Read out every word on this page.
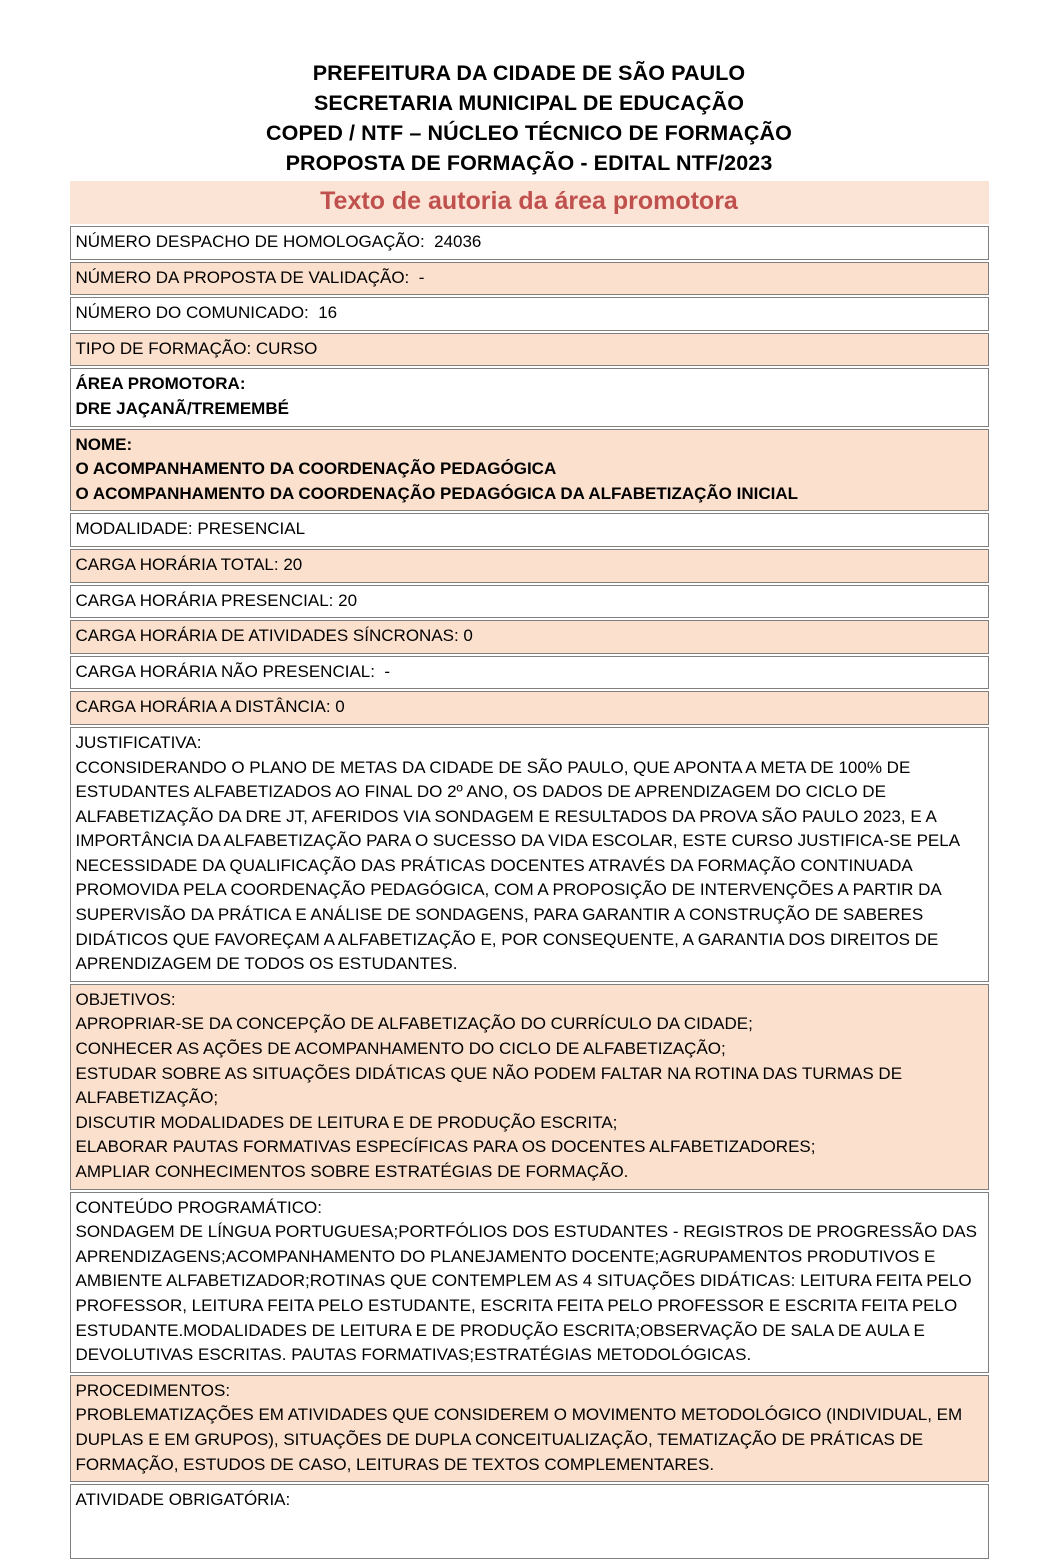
PREFEITURA DA CIDADE DE SÃO PAULO
SECRETARIA MUNICIPAL DE EDUCAÇÃO
COPED / NTF – NÚCLEO TÉCNICO DE FORMAÇÃO
PROPOSTA DE FORMAÇÃO - EDITAL NTF/2023
Texto de autoria da área promotora
NÚMERO DESPACHO DE HOMOLOGAÇÃO:  24036

NÚMERO DA PROPOSTA DE VALIDAÇÃO:  -

NÚMERO DO COMUNICADO:  16

TIPO DE FORMAÇÃO: CURSO

ÁREA PROMOTORA:
DRE JAÇANÃ/TREMEMBÉ

NOME:
O ACOMPANHAMENTO DA COORDENAÇÃO PEDAGÓGICA
O ACOMPANHAMENTO DA COORDENAÇÃO PEDAGÓGICA DA ALFABETIZAÇÃO INICIAL

MODALIDADE: PRESENCIAL

CARGA HORÁRIA TOTAL: 20

CARGA HORÁRIA PRESENCIAL: 20

CARGA HORÁRIA DE ATIVIDADES SÍNCRONAS: 0

CARGA HORÁRIA NÃO PRESENCIAL:  -

CARGA HORÁRIA A DISTÂNCIA: 0

JUSTIFICATIVA:
CCONSIDERANDO O PLANO DE METAS DA CIDADE DE SÃO PAULO, QUE APONTA A META DE 100% DE ESTUDANTES ALFABETIZADOS AO FINAL DO 2º ANO, OS DADOS DE APRENDIZAGEM DO CICLO DE ALFABETIZAÇÃO DA DRE JT, AFERIDOS VIA SONDAGEM E RESULTADOS DA PROVA SÃO PAULO 2023, E A IMPORTÂNCIA DA ALFABETIZAÇÃO PARA O SUCESSO DA VIDA ESCOLAR, ESTE CURSO JUSTIFICA-SE PELA NECESSIDADE DA QUALIFICAÇÃO DAS PRÁTICAS DOCENTES ATRAVÉS DA FORMAÇÃO CONTINUADA PROMOVIDA PELA COORDENAÇÃO PEDAGÓGICA, COM A PROPOSIÇÃO DE INTERVENÇÕES A PARTIR DA SUPERVISÃO DA PRÁTICA E ANÁLISE DE SONDAGENS, PARA GARANTIR A CONSTRUÇÃO DE SABERES DIDÁTICOS QUE FAVOREÇAM A ALFABETIZAÇÃO E, POR CONSEQUENTE, A GARANTIA DOS DIREITOS DE APRENDIZAGEM DE TODOS OS ESTUDANTES.

OBJETIVOS:
APROPRIAR-SE DA CONCEPÇÃO DE ALFABETIZAÇÃO DO CURRÍCULO DA CIDADE;
CONHECER AS AÇÕES DE ACOMPANHAMENTO DO CICLO DE ALFABETIZAÇÃO;
ESTUDAR SOBRE AS SITUAÇÕES DIDÁTICAS QUE NÃO PODEM FALTAR NA ROTINA DAS TURMAS DE ALFABETIZAÇÃO;
DISCUTIR MODALIDADES DE LEITURA E DE PRODUÇÃO ESCRITA;
ELABORAR PAUTAS FORMATIVAS ESPECÍFICAS PARA OS DOCENTES ALFABETIZADORES;
AMPLIAR CONHECIMENTOS SOBRE ESTRATÉGIAS DE FORMAÇÃO.

CONTEÚDO PROGRAMÁTICO:
SONDAGEM DE LÍNGUA PORTUGUESA;PORTFÓLIOS DOS ESTUDANTES - REGISTROS DE PROGRESSÃO DAS APRENDIZAGENS;ACOMPANHAMENTO DO PLANEJAMENTO DOCENTE;AGRUPAMENTOS PRODUTIVOS E AMBIENTE ALFABETIZADOR;ROTINAS QUE CONTEMPLEM AS 4 SITUAÇÕES DIDÁTICAS: LEITURA FEITA PELO PROFESSOR, LEITURA FEITA PELO ESTUDANTE, ESCRITA FEITA PELO PROFESSOR E ESCRITA FEITA PELO ESTUDANTE.MODALIDADES DE LEITURA E DE PRODUÇÃO ESCRITA;OBSERVAÇÃO DE SALA DE AULA E DEVOLUTIVAS ESCRITAS. PAUTAS FORMATIVAS;ESTRATÉGIAS METODOLÓGICAS.

PROCEDIMENTOS:
PROBLEMATIZAÇÕES EM ATIVIDADES QUE CONSIDEREM O MOVIMENTO METODOLÓGICO (INDIVIDUAL, EM DUPLAS E EM GRUPOS), SITUAÇÕES DE DUPLA CONCEITUALIZAÇÃO, TEMATIZAÇÃO DE PRÁTICAS DE FORMAÇÃO, ESTUDOS DE CASO, LEITURAS DE TEXTOS COMPLEMENTARES.

ATIVIDADE OBRIGATÓRIA:
